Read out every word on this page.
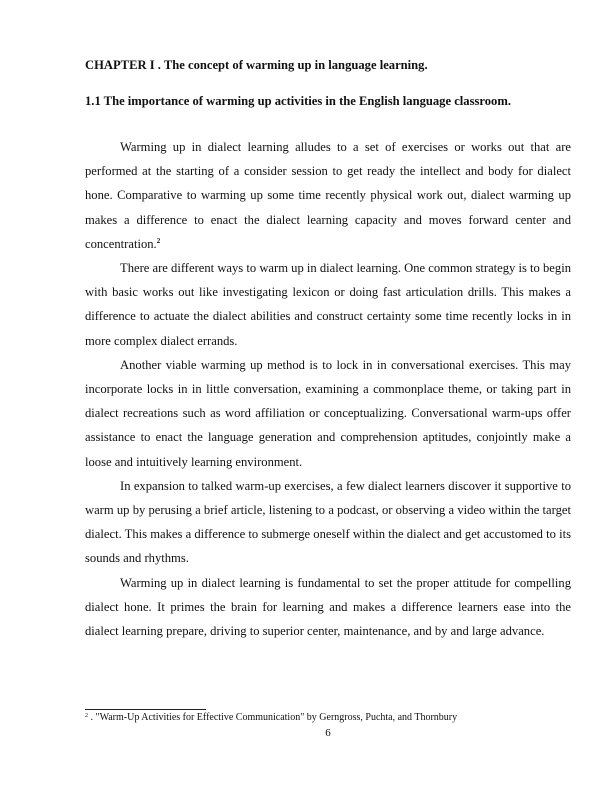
CHAPTER I . The concept of warming up in language learning.
1.1 The importance of warming up activities in the English language classroom.

Warming up in dialect learning alludes to a set of exercises or works out that are performed at the starting of a consider session to get ready the intellect and body for dialect hone. Comparative to warming up some time recently physical work out, dialect warming up makes a difference to enact the dialect learning capacity and moves forward center and concentration.$^2$

There are different ways to warm up in dialect learning. One common strategy is to begin with basic works out like investigating lexicon or doing fast articulation drills. This makes a difference to actuate the dialect abilities and construct certainty some time recently locks in in more complex dialect errands.

Another viable warming up method is to lock in in conversational exercises. This may incorporate locks in in little conversation, examining a commonplace theme, or taking part in dialect recreations such as word affiliation or conceptualizing. Conversational warm-ups offer assistance to enact the language generation and comprehension aptitudes, conjointly make a loose and intuitively learning environment.

In expansion to talked warm-up exercises, a few dialect learners discover it supportive to warm up by perusing a brief article, listening to a podcast, or observing a video within the target dialect. This makes a difference to submerge oneself within the dialect and get accustomed to its sounds and rhythms.

Warming up in dialect learning is fundamental to set the proper attitude for compelling dialect hone. It primes the brain for learning and makes a difference learners ease into the dialect learning prepare, driving to superior center, maintenance, and by and large advance.

$^2$ . "Warm-Up Activities for Effective Communication" by Gerngross, Puchta, and Thornbury
6
